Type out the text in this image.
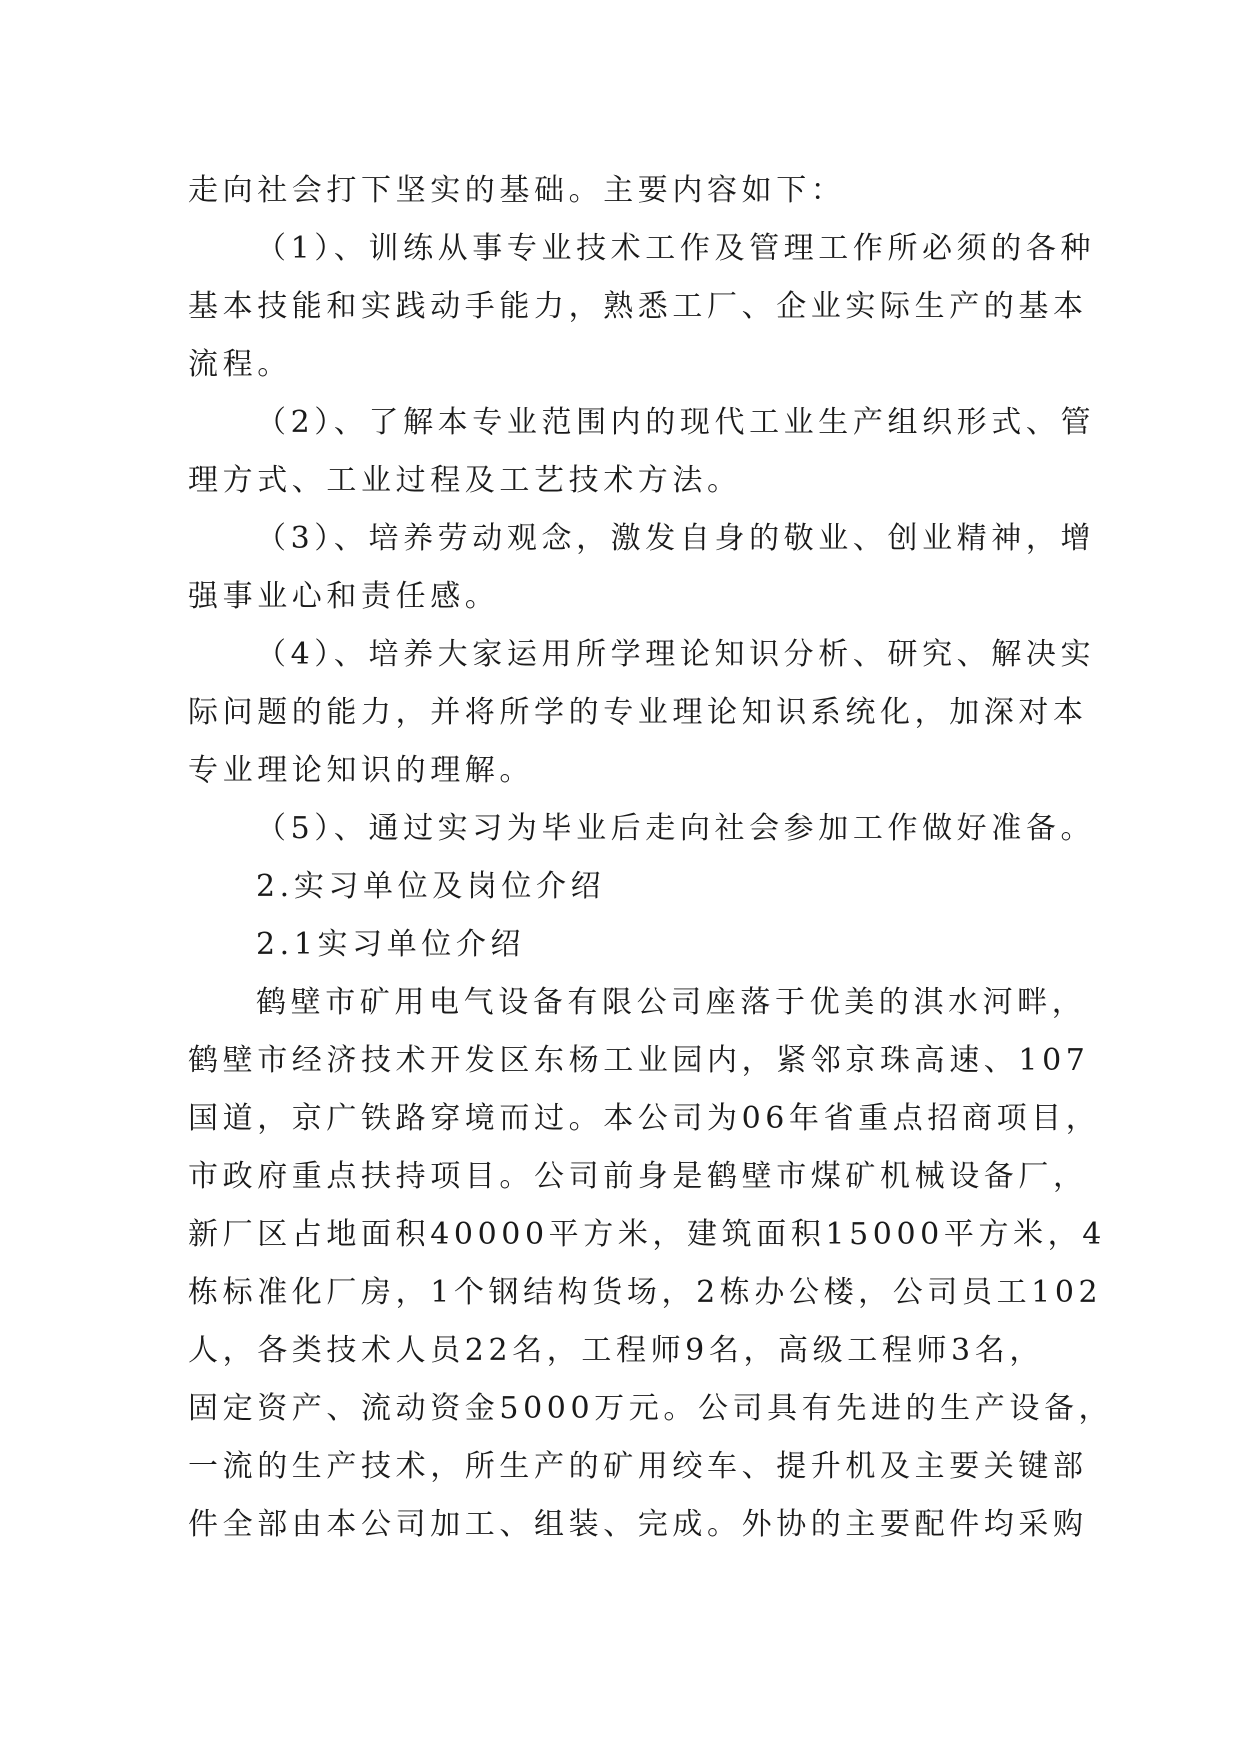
走向社会打下坚实的基础。主要内容如下：

（1）、训练从事专业技术工作及管理工作所必须的各种

基本技能和实践动手能力，熟悉工厂、企业实际生产的基本

流程。

（2）、了解本专业范围内的现代工业生产组织形式、管

理方式、工业过程及工艺技术方法。

（3）、培养劳动观念，激发自身的敬业、创业精神，增

强事业心和责任感。

（4）、培养大家运用所学理论知识分析、研究、解决实

际问题的能力，并将所学的专业理论知识系统化，加深对本

专业理论知识的理解。

（5）、通过实习为毕业后走向社会参加工作做好准备。

2.实习单位及岗位介绍

2.1实习单位介绍

鹤壁市矿用电气设备有限公司座落于优美的淇水河畔，

鹤壁市经济技术开发区东杨工业园内，紧邻京珠高速、107

国道，京广铁路穿境而过。本公司为06年省重点招商项目，

市政府重点扶持项目。公司前身是鹤壁市煤矿机械设备厂，

新厂区占地面积40000平方米，建筑面积15000平方米，4

栋标准化厂房，1个钢结构货场，2栋办公楼，公司员工102

人，各类技术人员22名，工程师9名，高级工程师3名，

固定资产、流动资金5000万元。公司具有先进的生产设备，

一流的生产技术，所生产的矿用绞车、提升机及主要关键部

件全部由本公司加工、组装、完成。外协的主要配件均采购
